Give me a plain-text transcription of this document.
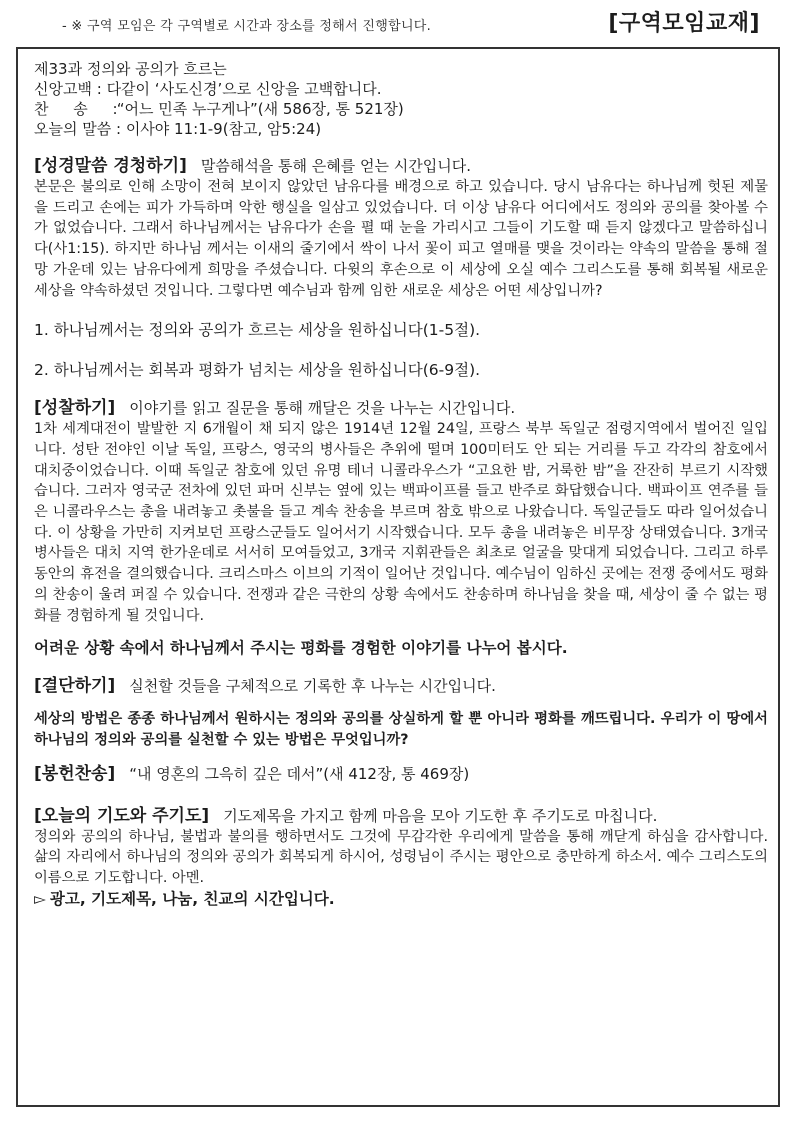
- ※ 구역 모임은 각 구역별로 시간과 장소를 정해서 진행합니다.	[구역모임교재]
제33과 정의와 공의가 흐르는
신앙고백 : 다같이 ‘사도신경’으로 신앙을 고백합니다.
찬 송 : “어느 민족 누구게나”(새 586장, 통 521장)
오늘의 말씀 : 이사야 11:1-9(참고, 암5:24)
[성경말씀 경청하기] 말씀해석을 통해 은혜를 얻는 시간입니다.

본문은 불의로 인해 소망이 전혀 보이지 않았던 남유다를 배경으로 하고 있습니다. 당시 남유다는 하나님께 헛된 제물을 드리고 손에는 피가 가득하며 악한 행실을 일삼고 있었습니다. 더 이상 남유다 어디에서도 정의와 공의를 찾아볼 수가 없었습니다. 그래서 하나님께서는 남유다가 손을 펼 때 눈을 가리시고 그들이 기도할 때 듣지 않겠다고 말씀하십니다(사1:15). 하지만 하나님 께서는 이새의 줄기에서 싹이 나서 꽃이 피고 열매를 맺을 것이라는 약속의 말씀을 통해 절망 가운데 있는 남유다에게 희망을 주셨습니다. 다윗의 후손으로 이 세상에 오실 예수 그리스도를 통해 회복될 새로운 세상을 약속하셨던 것입니다. 그렇다면 예수님과 함께 임한 새로운 세상은 어떤 세상입니까?

1. 하나님께서는 정의와 공의가 흐르는 세상을 원하십니다(1-5절).
2. 하나님께서는 회복과 평화가 넘치는 세상을 원하십니다(6-9절).
[성찰하기] 이야기를 읽고 질문을 통해 깨달은 것을 나누는 시간입니다.

1차 세계대전이 발발한 지 6개월이 채 되지 않은 1914년 12월 24일, 프랑스 북부 독일군 점령지역에서 벌어진 일입니다. 성탄 전야인 이날 독일, 프랑스, 영국의 병사들은 추위에 떨며 100미터도 안 되는 거리를 두고 각각의 참호에서 대치중이었습니다. 이때 독일군 참호에 있던 유명 테너 니콜라우스가 “고요한 밤, 거룩한 밤”을 잔잔히 부르기 시작했습니다. 그러자 영국군 전차에 있던 파머 신부는 옆에 있는 백파이프를 들고 반주로 화답했습니다. 백파이프 연주를 들은 니콜라우스는 총을 내려놓고 촛불을 들고 계속 찬송을 부르며 참호 밖으로 나왔습니다. 독일군들도 따라 일어섰습니다. 이 상황을 가만히 지켜보던 프랑스군들도 일어서기 시작했습니다. 모두 총을 내려놓은 비무장 상태였습니다. 3개국 병사들은 대치 지역 한가운데로 서서히 모여들었고, 3개국 지휘관들은 최초로 얼굴을 맞대게 되었습니다. 그리고 하루 동안의 휴전을 결의했습니다. 크리스마스 이브의 기적이 일어난 것입니다. 예수님이 임하신 곳에는 전쟁 중에서도 평화의 찬송이 울려 퍼질 수 있습니다. 전쟁과 같은 극한의 상황 속에서도 찬송하며 하나님을 찾을 때, 세상이 줄 수 없는 평화를 경험하게 될 것입니다.

어려운 상황 속에서 하나님께서 주시는 평화를 경험한 이야기를 나누어 봅시다.
[결단하기] 실천할 것들을 구체적으로 기록한 후 나누는 시간입니다.

세상의 방법은 종종 하나님께서 원하시는 정의와 공의를 상실하게 할 뿐 아니라 평화를 깨뜨립니다. 우리가 이 땅에서 하나님의 정의와 공의를 실천할 수 있는 방법은 무엇입니까?

[봉헌찬송] “내 영혼의 그윽히 깊은 데서”(새 412장, 통 469장)
[오늘의 기도와 주기도] 기도제목을 가지고 함께 마음을 모아 기도한 후 주기도로 마칩니다.

정의와 공의의 하나님, 불법과 불의를 행하면서도 그것에 무감각한 우리에게 말씀을 통해 깨닫게 하심을 감사합니다. 삶의 자리에서 하나님의 정의와 공의가 회복되게 하시어, 성령님이 주시는 평안으로 충만하게 하소서. 예수 그리스도의 이름으로 기도합니다. 아멘.

▻ 광고, 기도제목, 나눔, 친교의 시간입니다.
